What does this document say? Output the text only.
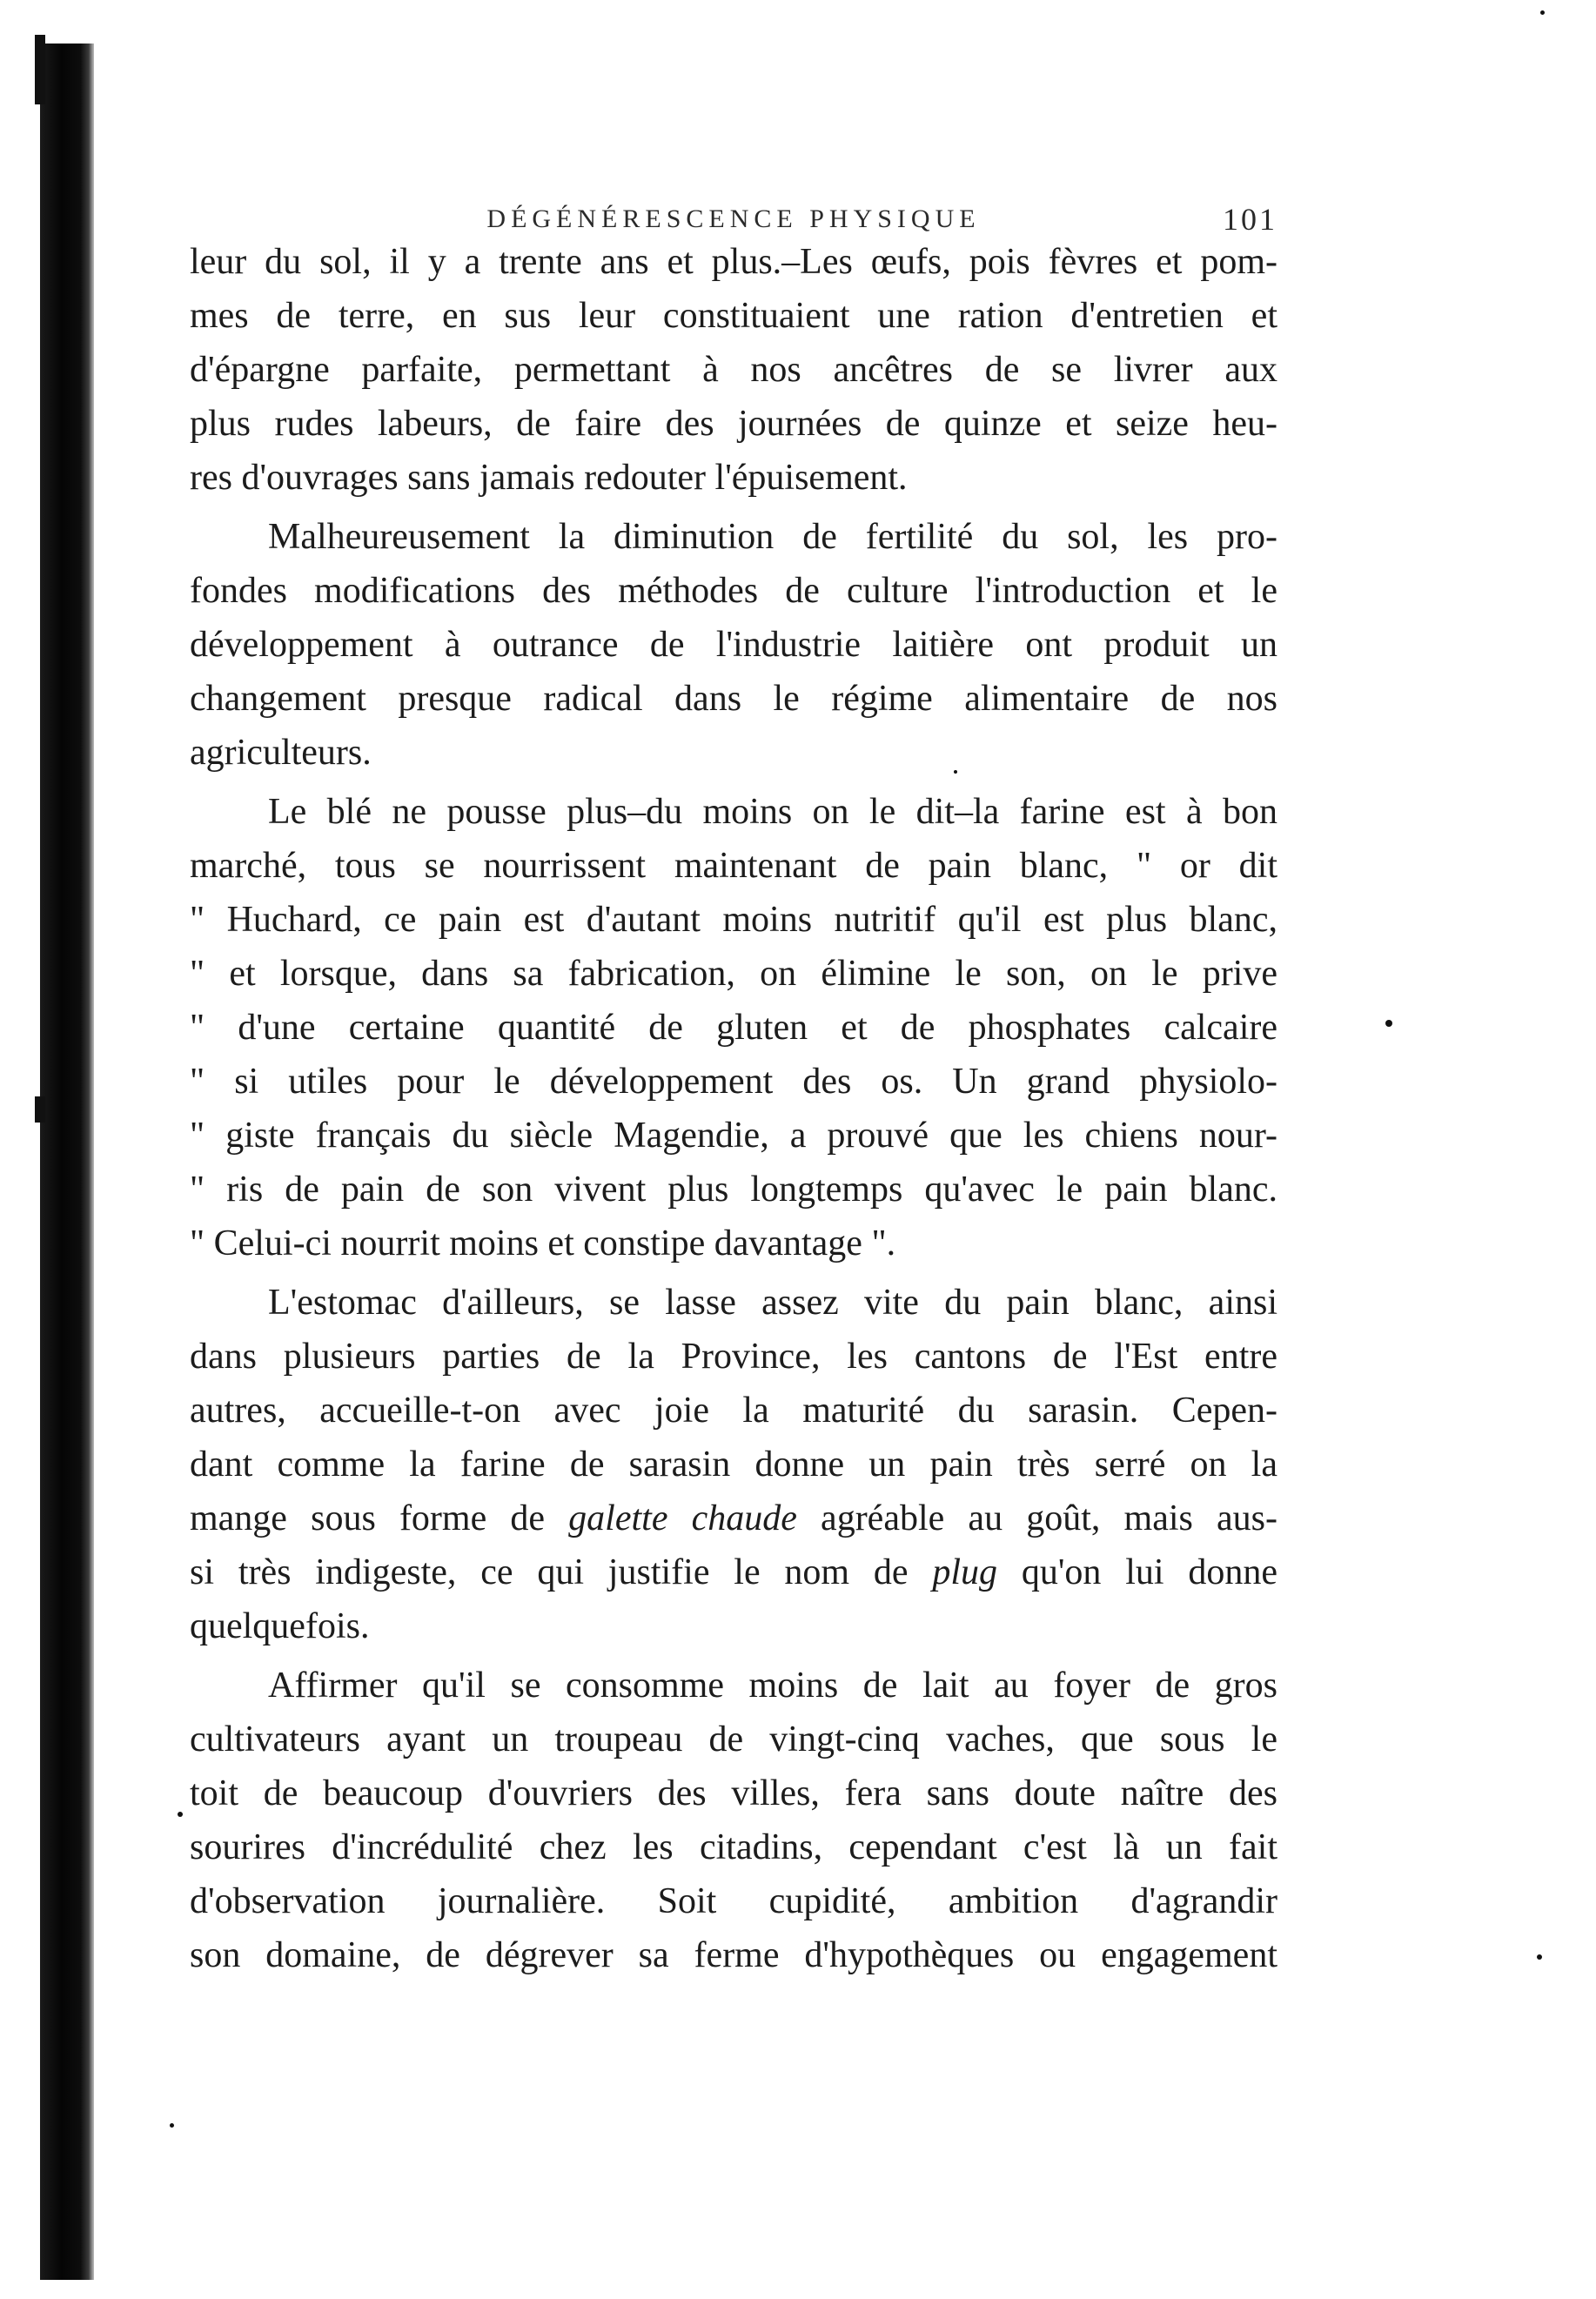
DÉGÉNÉRESCENCE PHYSIQUE	101
leur du sol, il y a trente ans et plus.–Les œufs, pois fèvres et pom-
mes de terre, en sus leur constituaient une ration d'entretien et
d'épargne parfaite, permettant à nos ancêtres de se livrer aux
plus rudes labeurs, de faire des journées de quinze et seize heu-
res d'ouvrages sans jamais redouter l'épuisement.
Malheureusement la diminution de fertilité du sol, les pro-
fondes modifications des méthodes de culture l'introduction et le
développement à outrance de l'industrie laitière ont produit un
changement presque radical dans le régime alimentaire de nos
agriculteurs.
Le blé ne pousse plus–du moins on le dit–la farine est à bon
marché, tous se nourrissent maintenant de pain blanc, " or dit
" Huchard, ce pain est d'autant moins nutritif qu'il est plus blanc,
" et lorsque, dans sa fabrication, on élimine le son, on le prive
" d'une certaine quantité de gluten et de phosphates calcaire
" si utiles pour le développement des os. Un grand physiolo-
" giste français du siècle Magendie, a prouvé que les chiens nour-
" ris de pain de son vivent plus longtemps qu'avec le pain blanc.
" Celui-ci nourrit moins et constipe davantage ".
L'estomac d'ailleurs, se lasse assez vite du pain blanc, ainsi
dans plusieurs parties de la Province, les cantons de l'Est entre
autres, accueille-t-on avec joie la maturité du sarasin. Cepen-
dant comme la farine de sarasin donne un pain très serré on la
mange sous forme de galette chaude agréable au goût, mais aus-
si très indigeste, ce qui justifie le nom de plug qu'on lui donne
quelquefois.
Affirmer qu'il se consomme moins de lait au foyer de gros
cultivateurs ayant un troupeau de vingt-cinq vaches, que sous le
toit de beaucoup d'ouvriers des villes, fera sans doute naître des
sourires d'incrédulité chez les citadins, cependant c'est là un fait
d'observation journalière. Soit cupidité, ambition d'agrandir
son domaine, de dégrever sa ferme d'hypothèques ou engagement
